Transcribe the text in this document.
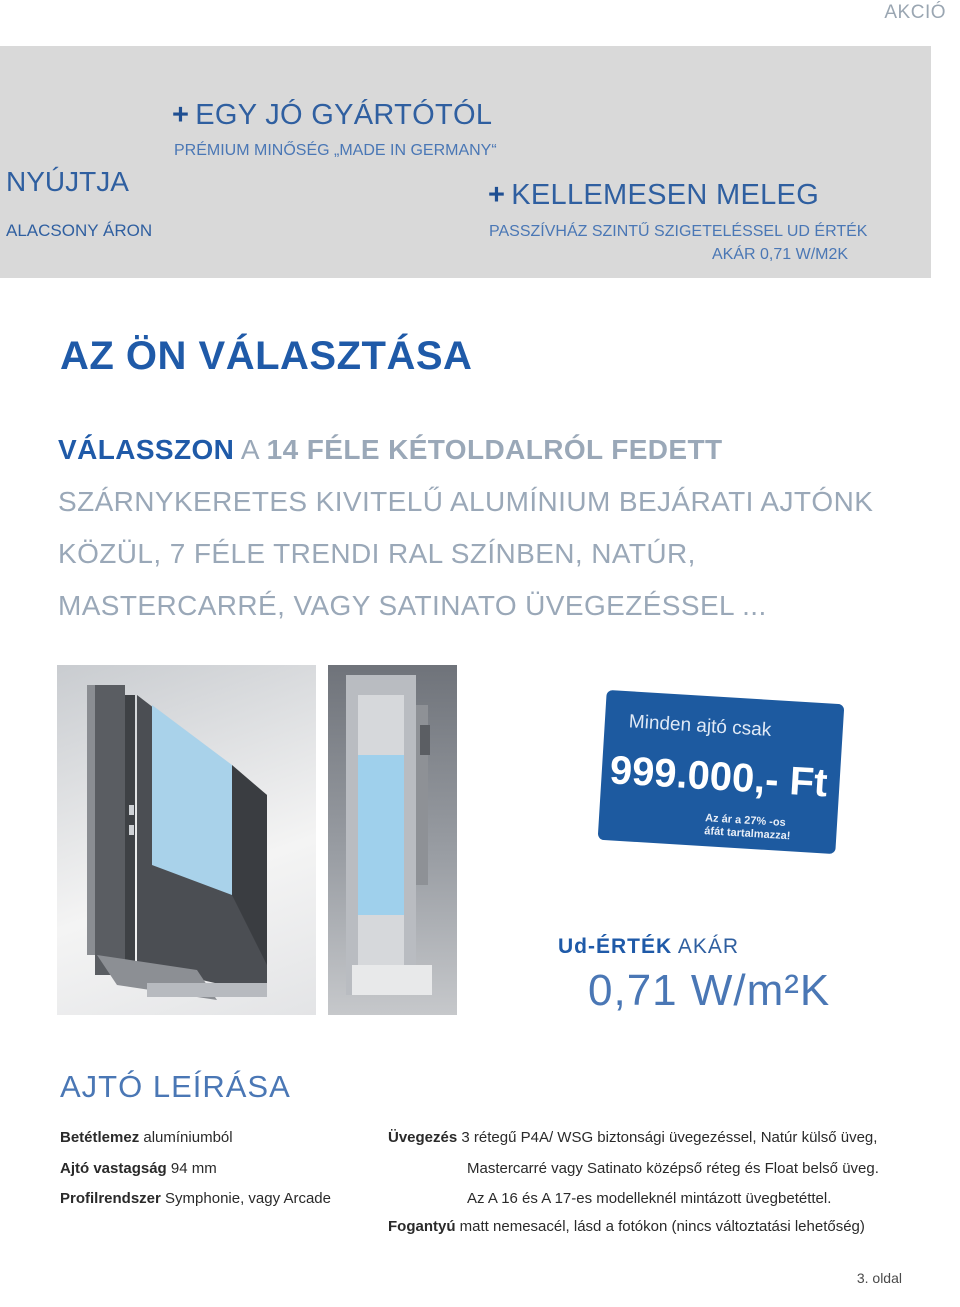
AKCIÓ
NYÚJTJA
ALACSONY ÁRON
+ EGY JÓ GYÁRTÓTÓL
PRÉMIUM MINŐSÉG „MADE IN GERMANY“
+ KELLEMESEN MELEG
PASSZÍVHÁZ SZINTŰ SZIGETELÉSSEL UD ÉRTÉK
AKÁR 0,71 W/M2K
AZ ÖN VÁLASZTÁSA
VÁLASSZON A 14 FÉLE KÉTOLDALRÓL FEDETT SZÁRNYKERETES KIVITELŰ ALUMÍNIUM BEJÁRATI AJTÓNK KÖZÜL, 7 FÉLE TRENDI RAL SZÍNBEN, NATÚR, MASTERCARRÉ, VAGY SATINATO ÜVEGEZÉSSEL ...
Minden ajtó csak
999.000,- Ft
Az ár a 27% -os
áfát tartalmazza!
Ud-ÉRTÉK AKÁR
0,71 W/m²K
AJTÓ LEÍRÁSA
Betétlemez alumíniumból
Ajtó vastagság 94 mm
Profilrendszer Symphonie, vagy Arcade
Üvegezés 3 rétegű P4A/ WSG biztonsági üvegezéssel, Natúr külső üveg,
Mastercarré vagy Satinato középső réteg és Float belső üveg.
Az A 16 és A 17-es modelleknél mintázott üvegbetéttel.
Fogantyú matt nemesacél, lásd a fotókon (nincs változtatási lehetőség)
3. oldal
